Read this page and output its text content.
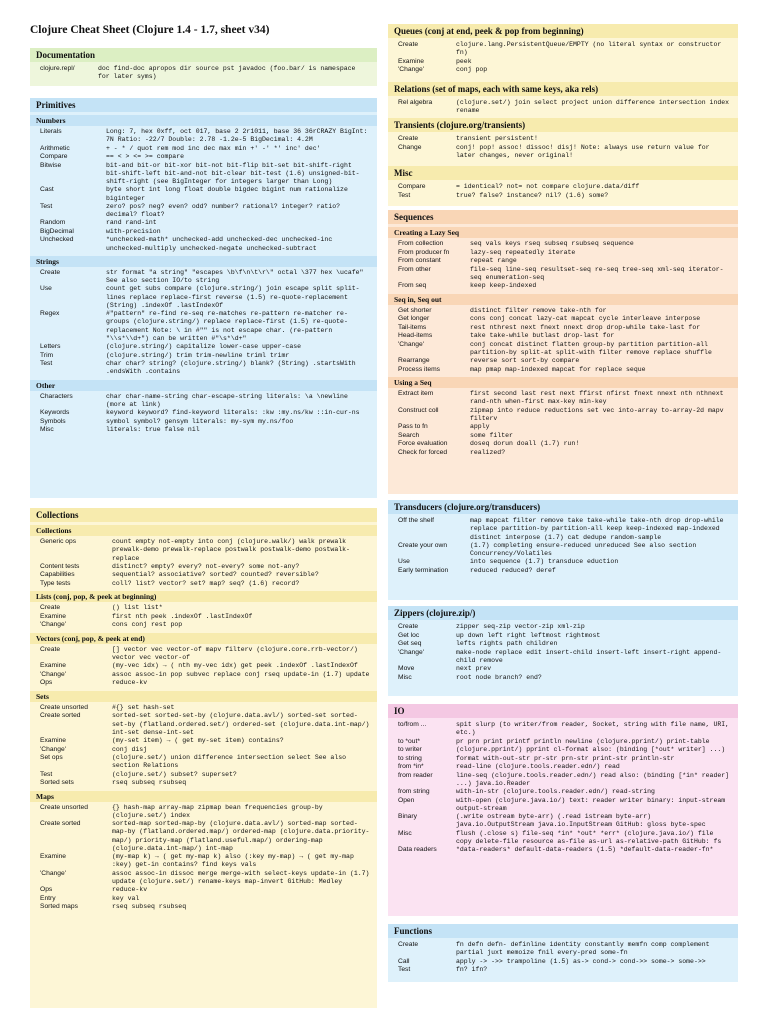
Clojure Cheat Sheet (Clojure 1.4 - 1.7, sheet v34)
Documentation
clojure.repl/	doc find-doc apropos dir source pst javadoc (foo.bar/ is namespace for later syms)
Primitives
Numbers
Literals	Long: 7, hex 0xff, oct 017, base 2 2r1011, base 36 36rCRAZY BigInt: 7N Ratio: -22/7 Double: 2.78 -1.2e-5 BigDecimal: 4.2M
Arithmetic	+ - * / quot rem mod inc dec max min +' -' *' inc' dec'
Compare	== < > <= >= compare
Bitwise	bit-and bit-or bit-xor bit-not bit-flip bit-set bit-shift-right bit-shift-left bit-and-not bit-clear bit-test (1.6) unsigned-bit-shift-right (see BigInteger for integers larger than Long)
Cast	byte short int long float double bigdec bigint num rationalize biginteger
Test	zero? pos? neg? even? odd? number? rational? integer? ratio? decimal? float?
Random	rand rand-int
BigDecimal	with-precision
Unchecked	*unchecked-math* unchecked-add unchecked-dec unchecked-inc unchecked-multiply unchecked-negate unchecked-subtract
Strings
Create	str format "a string" "escapes \b\f\n\t\r\" octal \377 hex \ucafe" See also section IO/to string
Use	count get subs compare (clojure.string/) join escape split split-lines replace replace-first reverse (1.5) re-quote-replacement (String) .indexOf .lastIndexOf
Regex	#"pattern" re-find re-seq re-matches re-pattern re-matcher re-groups (clojure.string/) replace replace-first (1.5) re-quote-replacement Note: \ in #"" is not escape char. (re-pattern "\\s*\\d+") can be written #"\s*\d+"
Letters	(clojure.string/) capitalize lower-case upper-case
Trim	(clojure.string/) trim trim-newline triml trimr
Test	char char? string? (clojure.string/) blank? (String) .startsWith .endsWith .contains
Other
Characters	char char-name-string char-escape-string literals: \a \newline (more at link)
Keywords	keyword keyword? find-keyword literals: :kw :my.ns/kw ::in-cur-ns
Symbols	symbol symbol? gensym literals: my-sym my.ns/foo
Misc	literals: true false nil
Collections
Collections
Generic ops	count empty not-empty into conj (clojure.walk/) walk prewalk prewalk-demo prewalk-replace postwalk postwalk-demo postwalk-replace
Content tests	distinct? empty? every? not-every? some not-any?
Capabilities	sequential? associative? sorted? counted? reversible?
Type tests	coll? list? vector? set? map? seq? (1.6) record?
Lists (conj, pop, & peek at beginning)
Create	() list list*
Examine	first nth peek .indexOf .lastIndexOf
'Change'	cons conj rest pop
Vectors (conj, pop, & peek at end)
Create	[] vector vec vector-of mapv filterv (clojure.core.rrb-vector/) vector vec vector-of
Examine	(my-vec idx) → ( nth my-vec idx) get peek .indexOf .lastIndexOf
'Change'	assoc assoc-in pop subvec replace conj rseq update-in (1.7) update
Ops	reduce-kv
Sets
Create unsorted	#{} set hash-set
Create sorted	sorted-set sorted-set-by (clojure.data.avl/) sorted-set sorted-set-by (flatland.ordered.set/) ordered-set (clojure.data.int-map/) int-set dense-int-set
Examine	(my-set item) → ( get my-set item) contains?
'Change'	conj disj
Set ops	(clojure.set/) union difference intersection select See also section Relations
Test	(clojure.set/) subset? superset?
Sorted sets	rseq subseq rsubseq
Maps
Create unsorted	{} hash-map array-map zipmap bean frequencies group-by (clojure.set/) index
Create sorted	sorted-map sorted-map-by (clojure.data.avl/) sorted-map sorted-map-by (flatland.ordered.map/) ordered-map (clojure.data.priority-map/) priority-map (flatland.useful.map/) ordering-map (clojure.data.int-map/) int-map
Examine	(my-map k) → ( get my-map k) also (:key my-map) → ( get my-map :key) get-in contains? find keys vals
'Change'	assoc assoc-in dissoc merge merge-with select-keys update-in (1.7) update (clojure.set/) rename-keys map-invert GitHub: Medley
Ops	reduce-kv
Entry	key val
Sorted maps	rseq subseq rsubseq
Queues (conj at end, peek & pop from beginning)
Create	clojure.lang.PersistentQueue/EMPTY (no literal syntax or constructor fn)
Examine	peek
'Change'	conj pop
Relations (set of maps, each with same keys, aka rels)
Rel algebra	(clojure.set/) join select project union difference intersection index rename
Transients (clojure.org/transients)
Create	transient persistent!
Change	conj! pop! assoc! dissoc! disj! Note: always use return value for later changes, never original!
Misc
Compare	= identical? not= not compare clojure.data/diff
Test	true? false? instance? nil? (1.6) some?
Sequences
Creating a Lazy Seq
From collection	seq vals keys rseq subseq rsubseq sequence
From producer fn	lazy-seq repeatedly iterate
From constant	repeat range
From other	file-seq line-seq resultset-seq re-seq tree-seq xml-seq iterator-seq enumeration-seq
From seq	keep keep-indexed
Seq in, Seq out
Get shorter	distinct filter remove take-nth for
Get longer	cons conj concat lazy-cat mapcat cycle interleave interpose
Tail-items	rest nthrest next fnext nnext drop drop-while take-last for
Head-items	take take-while butlast drop-last for
'Change'	conj concat distinct flatten group-by partition partition-all partition-by split-at split-with filter remove replace shuffle
Rearrange	reverse sort sort-by compare
Process items	map pmap map-indexed mapcat for replace seque
Using a Seq
Extract item	first second last rest next ffirst nfirst fnext nnext nth nthnext rand-nth when-first max-key min-key
Construct coll	zipmap into reduce reductions set vec into-array to-array-2d mapv filterv
Pass to fn	apply
Search	some filter
Force evaluation	doseq dorun doall (1.7) run!
Check for forced	realized?
Transducers (clojure.org/transducers)
Off the shelf	map mapcat filter remove take take-while take-nth drop drop-while replace partition-by partition-all keep keep-indexed map-indexed distinct interpose (1.7) cat dedupe random-sample
Create your own	(1.7) completing ensure-reduced unreduced See also section Concurrency/Volatiles
Use	into sequence (1.7) transduce eduction
Early termination	reduced reduced? deref
Zippers (clojure.zip/)
Create	zipper seq-zip vector-zip xml-zip
Get loc	up down left right leftmost rightmost
Get seq	lefts rights path children
'Change'	make-node replace edit insert-child insert-left insert-right append-child remove
Move	next prev
Misc	root node branch? end?
IO
to/from ...	spit slurp (to writer/from reader, Socket, string with file name, URI, etc.)
to *out*	pr prn print printf println newline (clojure.pprint/) print-table
to writer	(clojure.pprint/) pprint cl-format also: (binding [*out* writer] ...)
to string	format with-out-str pr-str prn-str print-str println-str
from *in*	read-line (clojure.tools.reader.edn/) read
from reader	line-seq (clojure.tools.reader.edn/) read also: (binding [*in* reader] ...) java.io.Reader
from string	with-in-str (clojure.tools.reader.edn/) read-string
Open	with-open (clojure.java.io/) text: reader writer binary: input-stream output-stream
Binary	(.write ostream byte-arr) (.read istream byte-arr) java.io.OutputStream java.io.InputStream GitHub: gloss byte-spec
Misc	flush (.close s) file-seq *in* *out* *err* (clojure.java.io/) file copy delete-file resource as-file as-url as-relative-path GitHub: fs
Data readers	*data-readers* default-data-readers (1.5) *default-data-reader-fn*
Functions
Create	fn defn defn- definline identity constantly memfn comp complement partial juxt memoize fnil every-pred some-fn
Call	apply -> ->> trampoline (1.5) as-> cond-> cond->> some-> some->>
Test	fn? ifn?
